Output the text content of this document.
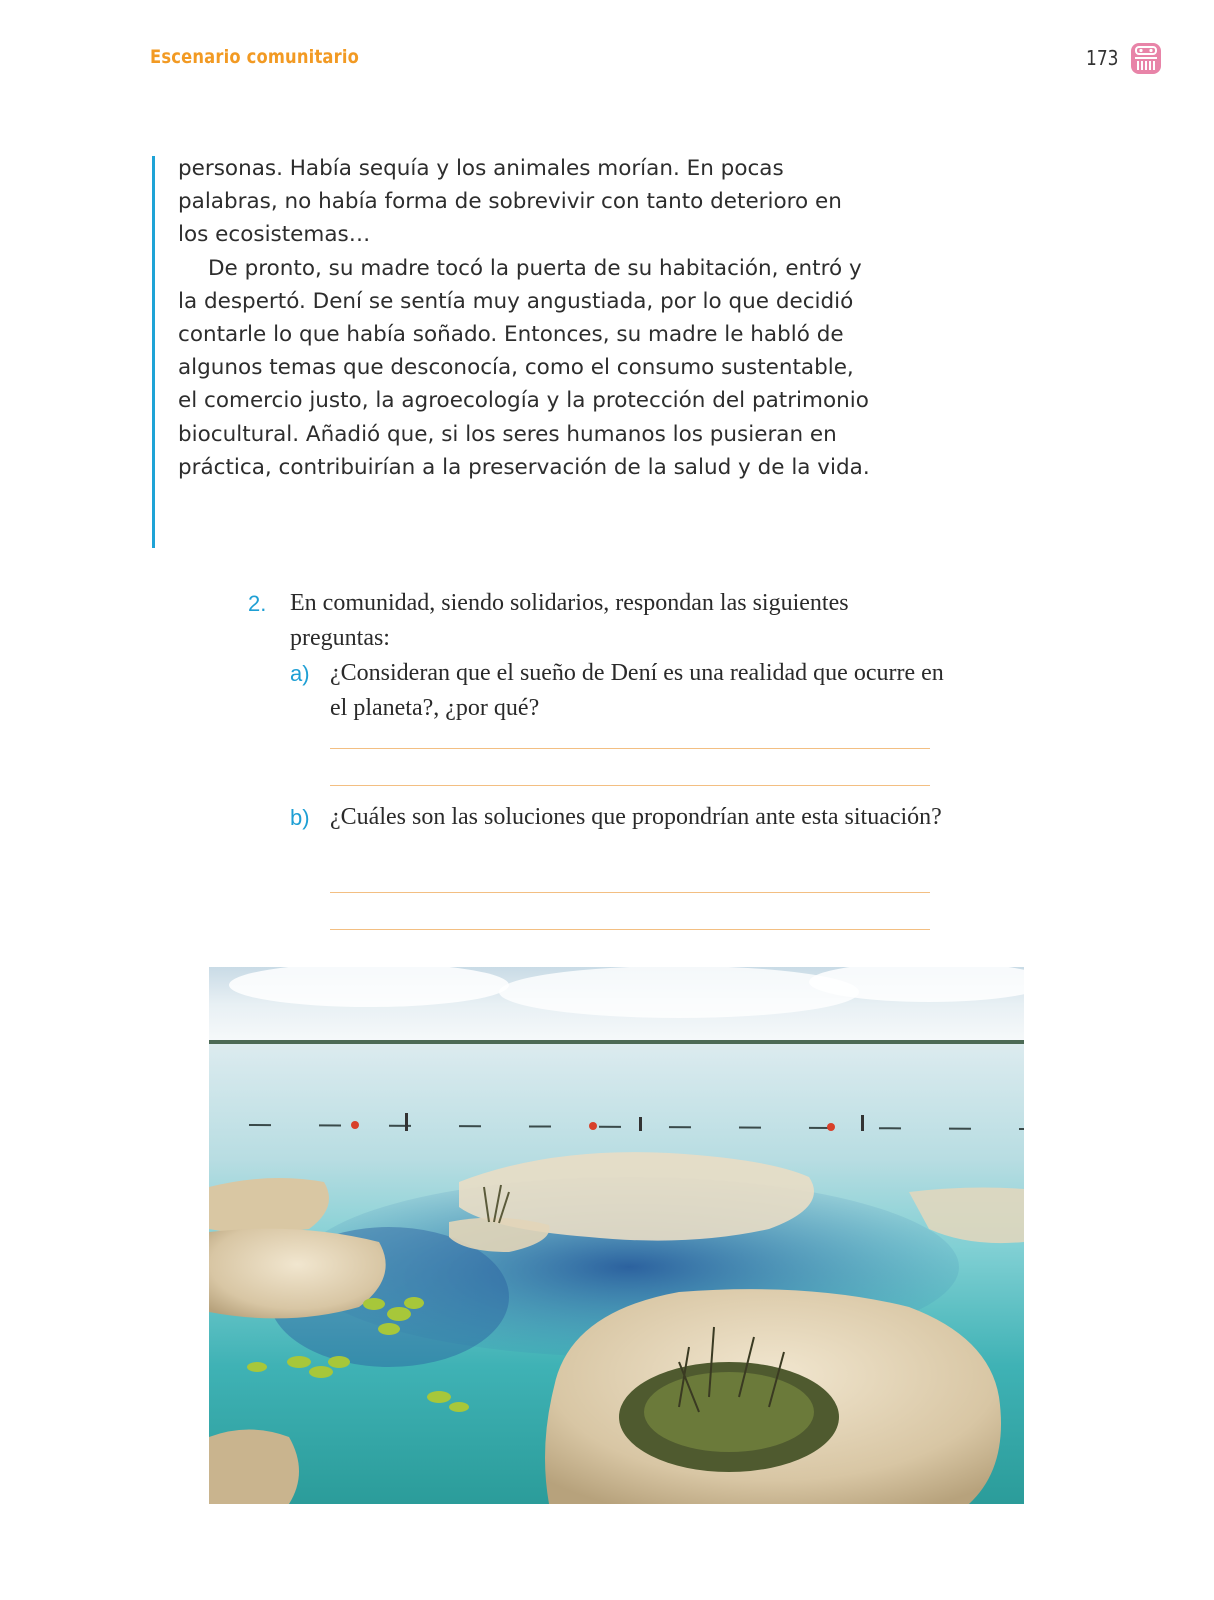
Escenario comunitario	173

personas. Había sequía y los animales morían. En pocas palabras, no había forma de sobrevivir con tanto deterioro en los ecosistemas…

De pronto, su madre tocó la puerta de su habitación, entró y la despertó. Dení se sentía muy angustiada, por lo que decidió contarle lo que había soñado. Entonces, su madre le habló de algunos temas que desconocía, como el consumo sustentable, el comercio justo, la agroecología y la protección del patrimonio biocultural. Añadió que, si los seres humanos los pusieran en práctica, contribuirían a la preservación de la salud y de la vida.

2. En comunidad, siendo solidarios, respondan las siguientes preguntas:
a) ¿Consideran que el sueño de Dení es una realidad que ocurre en el planeta?, ¿por qué?
b) ¿Cuáles son las soluciones que propondrían ante esta situación?
